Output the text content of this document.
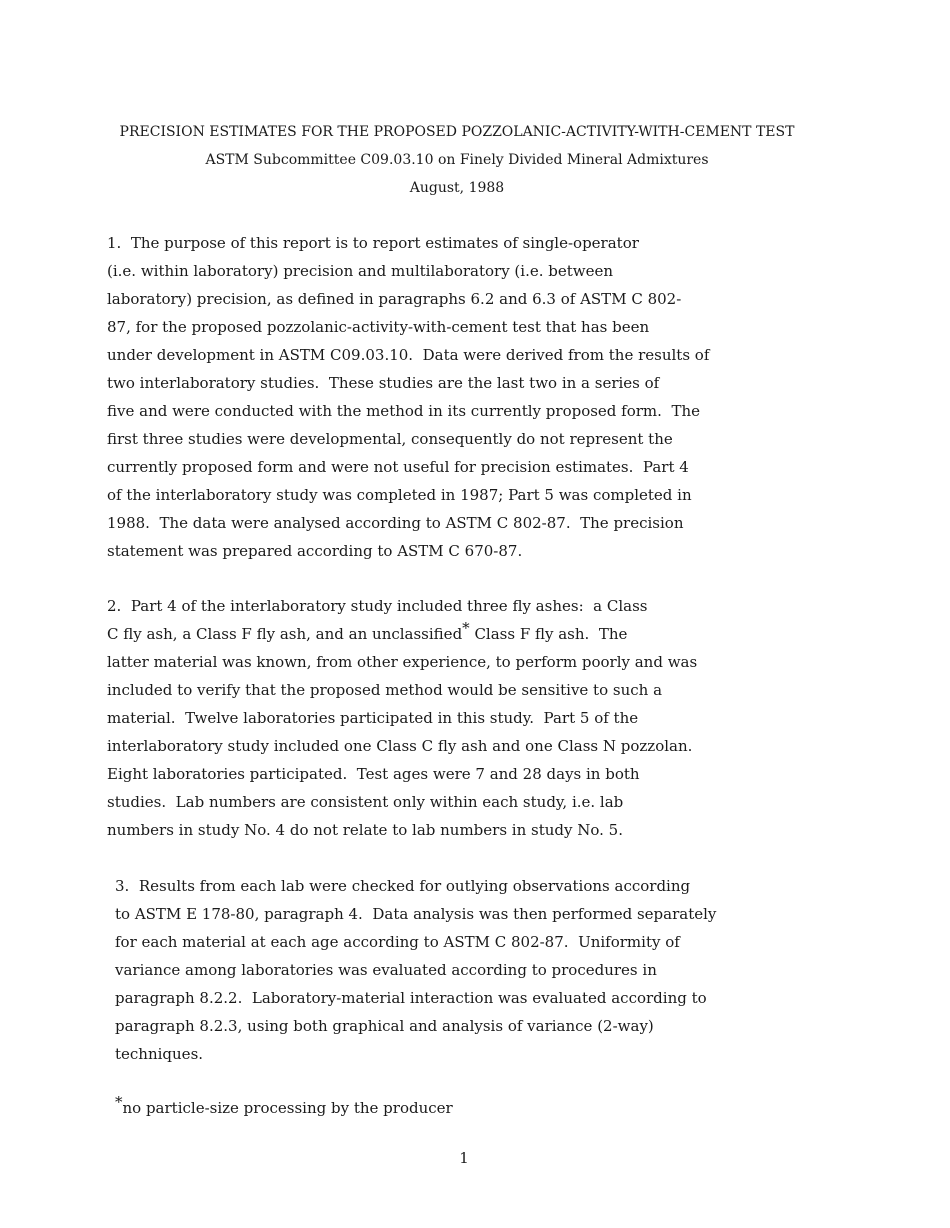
PRECISION ESTIMATES FOR THE PROPOSED POZZOLANIC-ACTIVITY-WITH-CEMENT TEST
ASTM Subcommittee C09.03.10 on Finely Divided Mineral Admixtures
August, 1988
1.  The purpose of this report is to report estimates of single-operator
(i.e. within laboratory) precision and multilaboratory (i.e. between
laboratory) precision, as defined in paragraphs 6.2 and 6.3 of ASTM C 802-
87, for the proposed pozzolanic-activity-with-cement test that has been
under development in ASTM C09.03.10.  Data were derived from the results of
two interlaboratory studies.  These studies are the last two in a series of
five and were conducted with the method in its currently proposed form.  The
first three studies were developmental, consequently do not represent the
currently proposed form and were not useful for precision estimates.  Part 4
of the interlaboratory study was completed in 1987; Part 5 was completed in
1988.  The data were analysed according to ASTM C 802-87.  The precision
statement was prepared according to ASTM C 670-87.
2.  Part 4 of the interlaboratory study included three fly ashes:  a Class
C fly ash, a Class F fly ash, and an unclassified* Class F fly ash.  The
latter material was known, from other experience, to perform poorly and was
included to verify that the proposed method would be sensitive to such a
material.  Twelve laboratories participated in this study.  Part 5 of the
interlaboratory study included one Class C fly ash and one Class N pozzolan.
Eight laboratories participated.  Test ages were 7 and 28 days in both
studies.  Lab numbers are consistent only within each study, i.e. lab
numbers in study No. 4 do not relate to lab numbers in study No. 5.
3.  Results from each lab were checked for outlying observations according
to ASTM E 178-80, paragraph 4.  Data analysis was then performed separately
for each material at each age according to ASTM C 802-87.  Uniformity of
variance among laboratories was evaluated according to procedures in
paragraph 8.2.2.  Laboratory-material interaction was evaluated according to
paragraph 8.2.3, using both graphical and analysis of variance (2-way)
techniques.
*no particle-size processing by the producer
1
